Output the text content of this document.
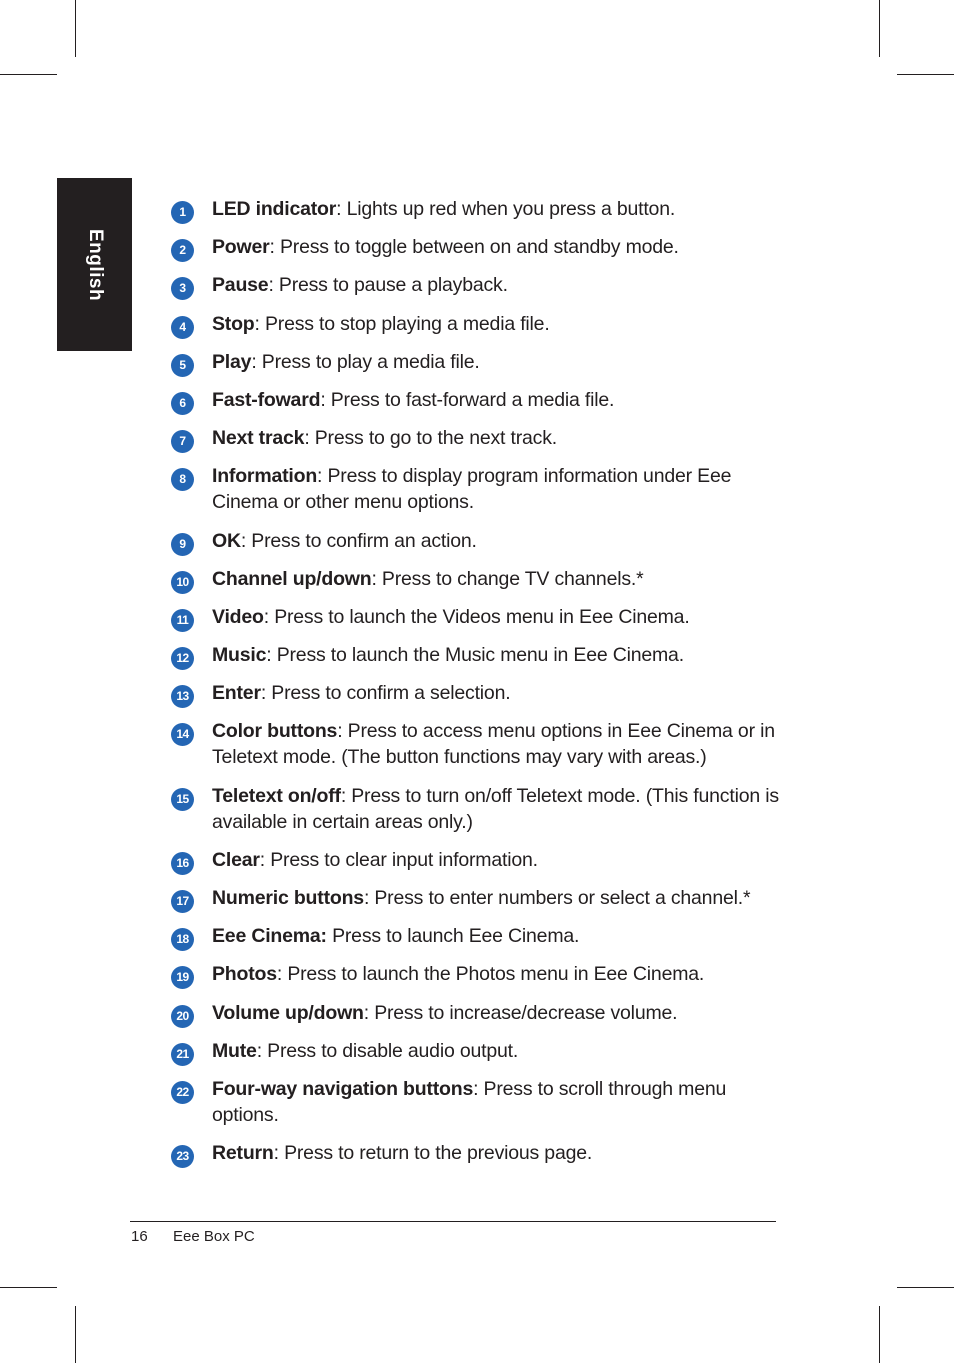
English
1	LED indicator: Lights up red when you press a button.
2	Power: Press to toggle between on and standby mode.
3	Pause: Press to pause a playback.
4	Stop: Press to stop playing a media file.
5	Play: Press to play a media file.
6	Fast-foward: Press to fast-forward a media file.
7	Next track: Press to go to the next track.
8	Information: Press to display program information under Eee Cinema or other menu options.
9	OK: Press to confirm an action.
10 Channel up/down: Press to change TV channels.*
11 Video: Press to launch the Videos menu in Eee Cinema.
12 Music: Press to launch the Music menu in Eee Cinema.
13 Enter: Press to confirm a selection.
14 Color buttons: Press to access menu options in Eee Cinema or in Teletext mode. (The button functions may vary with areas.)
15 Teletext on/off: Press to turn on/off Teletext mode. (This function is available in certain areas only.)
16 Clear: Press to clear input information.
17 Numeric buttons: Press to enter numbers or select a channel.*
18 Eee Cinema: Press to launch Eee Cinema.
19 Photos: Press to launch the Photos menu in Eee Cinema.
20 Volume up/down: Press to increase/decrease volume.
21 Mute: Press to disable audio output.
22 Four-way navigation buttons: Press to scroll through menu options.
23 Return: Press to return to the previous page.
16 Eee Box PC
